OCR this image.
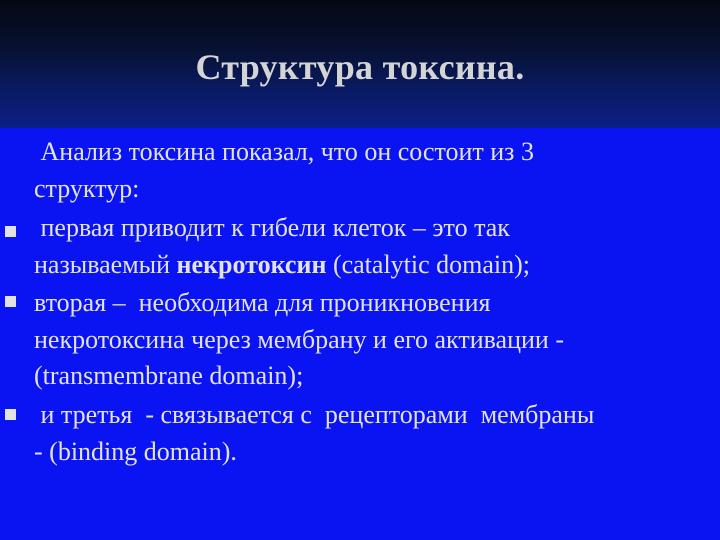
Структура токсина.
Анализ токсина показал, что он состоит из 3
структур:
первая приводит к гибели клеток – это так
называемый некротоксин (catalytic domain);
вторая –  необходима для проникновения
некротоксина через мембрану и его активации -
(transmembrane domain);
и третья  - связывается с  рецепторами  мембраны
- (binding domain).
